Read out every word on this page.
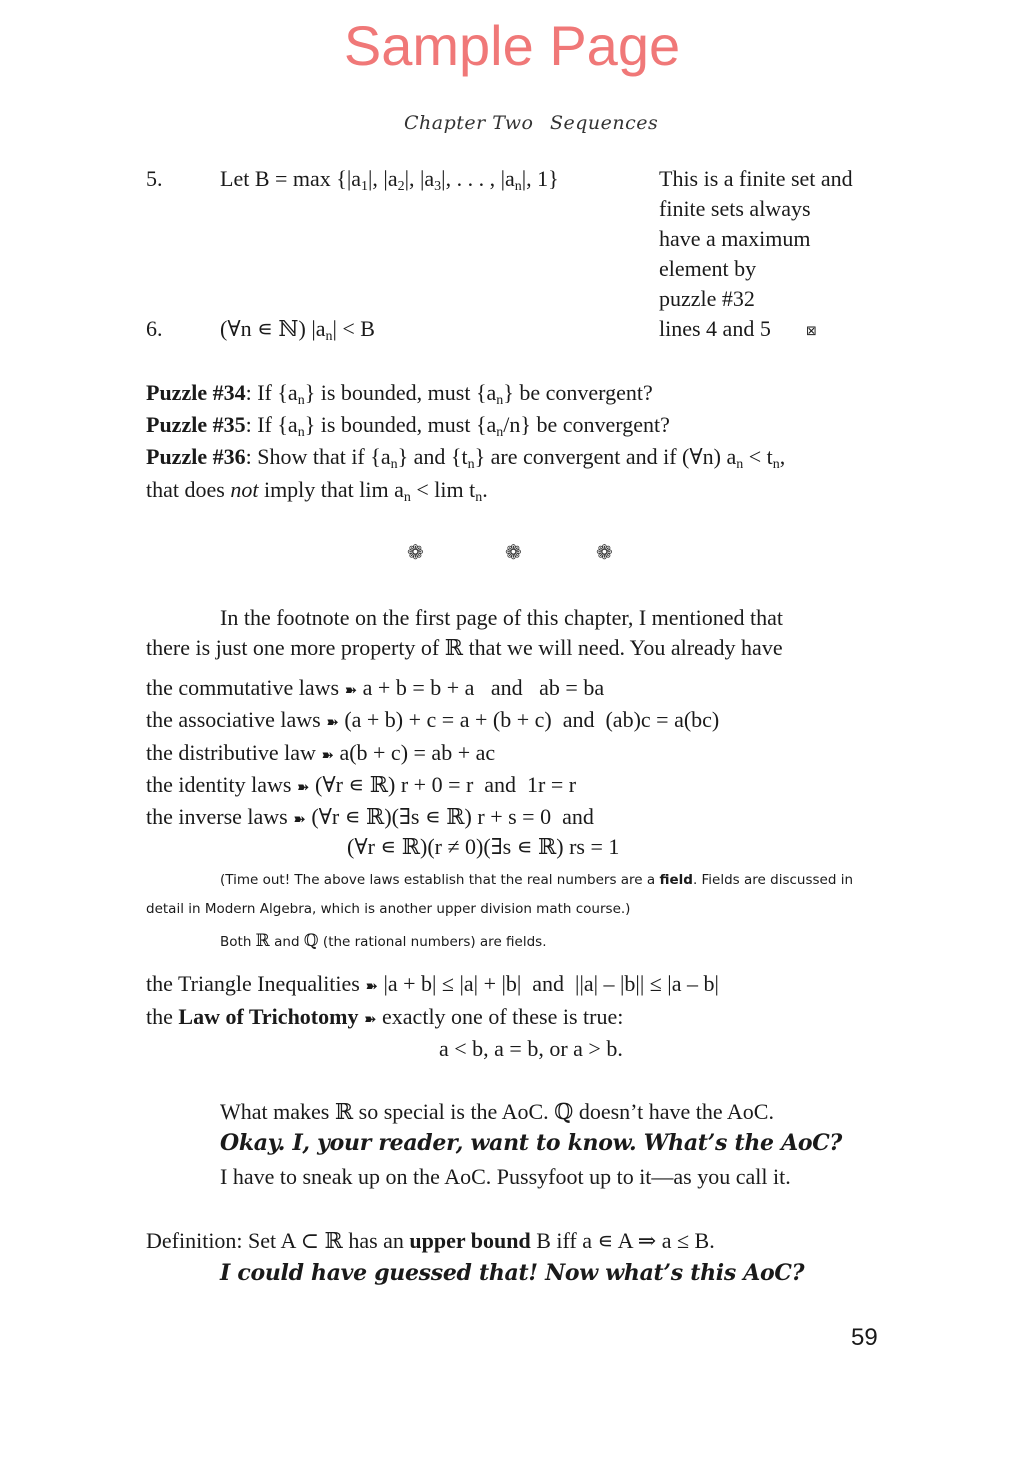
Sample Page
Chapter Two Sequences
5.	Let $B = \max \{|a_1|$, $|a_2|$, $|a_3|$, . . . , $|a_n|$, 1}	This is a finite set and
finite sets always
have a maximum
element by
puzzle #32
6.	(∀n ∊ ℕ) $|a_n| < B$	lines 4 and 5	⊠
Puzzle #34: If $\{a_n\}$ is bounded, must $\{a_n\}$ be convergent?
Puzzle #35: If $\{a_n\}$ is bounded, must $\{a_n/n\}$ be convergent?
Puzzle #36: Show that if $\{a_n\}$ and $\{t_n\}$ are convergent and if (∀n) $a_n < t_n$,
that does not imply that $\lim a_n < \lim t_n$.
❁	❁	❁
In the footnote on the first page of this chapter, I mentioned that
there is just one more property of ℝ that we will need. You already have
the commutative laws ➽ a + b = b + a   and   ab = ba
the associative laws ➽ (a + b) + c = a + (b + c)  and  (ab)c = a(bc)
the distributive law ➽ a(b + c) = ab + ac
the identity laws ➽ (∀r ∊ ℝ) r + 0 = r  and  1r = r
the inverse laws ➽ (∀r ∊ ℝ)(∃s ∊ ℝ) r + s = 0  and
(∀r ∊ ℝ)(r ≠ 0)(∃s ∊ ℝ) rs = 1
(Time out! The above laws establish that the real numbers are a field. Fields are discussed in
detail in Modern Algebra, which is another upper division math course.)
Both ℝ and ℚ (the rational numbers) are fields.
the Triangle Inequalities ➽ |a + b| ≤ |a| + |b|  and  ||a| – |b|| ≤ |a – b|
the Law of Trichotomy ➽ exactly one of these is true:
a < b, a = b, or a > b.
What makes ℝ so special is the AoC. ℚ doesn’t have the AoC.
Okay. I, your reader, want to know. What’s the AoC?
I have to sneak up on the AoC. Pussyfoot up to it—as you call it.
Definition: Set A ⊂ ℝ has an upper bound B iff a ∊ A ⇒ a ≤ B.
I could have guessed that! Now what’s this AoC?
59
